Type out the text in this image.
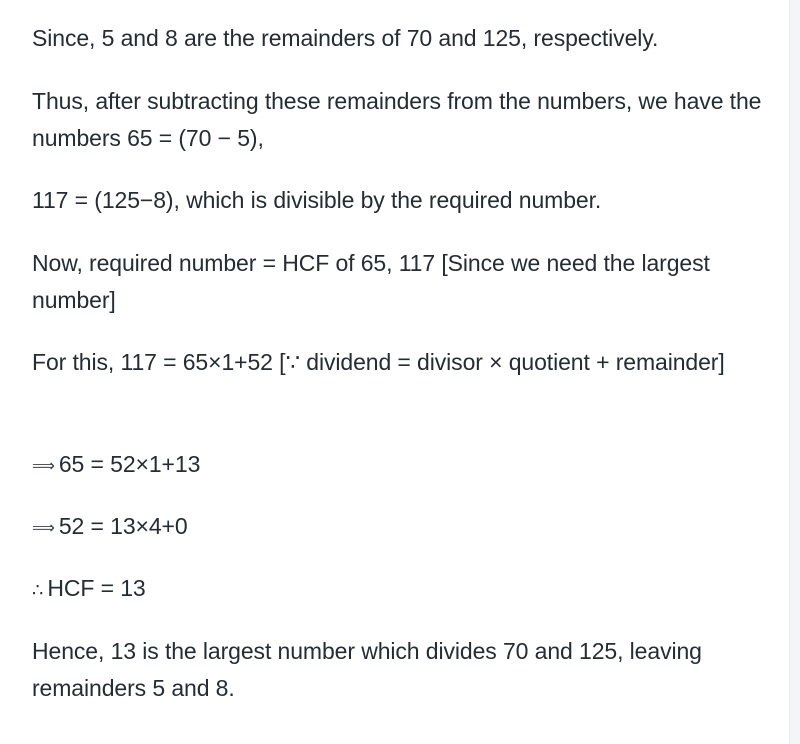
Since, 5 and 8 are the remainders of 70 and 125, respectively.

Thus, after subtracting these remainders from the numbers, we have the numbers 65 = (70 − 5),

117 = (125−8), which is divisible by the required number.

Now, required number = HCF of 65, 117 [Since we need the largest number]

For this, 117 = 65×1+52 [∵ dividend = divisor × quotient + remainder]

⟹ 65 = 52×1+13

⟹ 52 = 13×4+0

∴ HCF = 13

Hence, 13 is the largest number which divides 70 and 125, leaving remainders 5 and 8.
